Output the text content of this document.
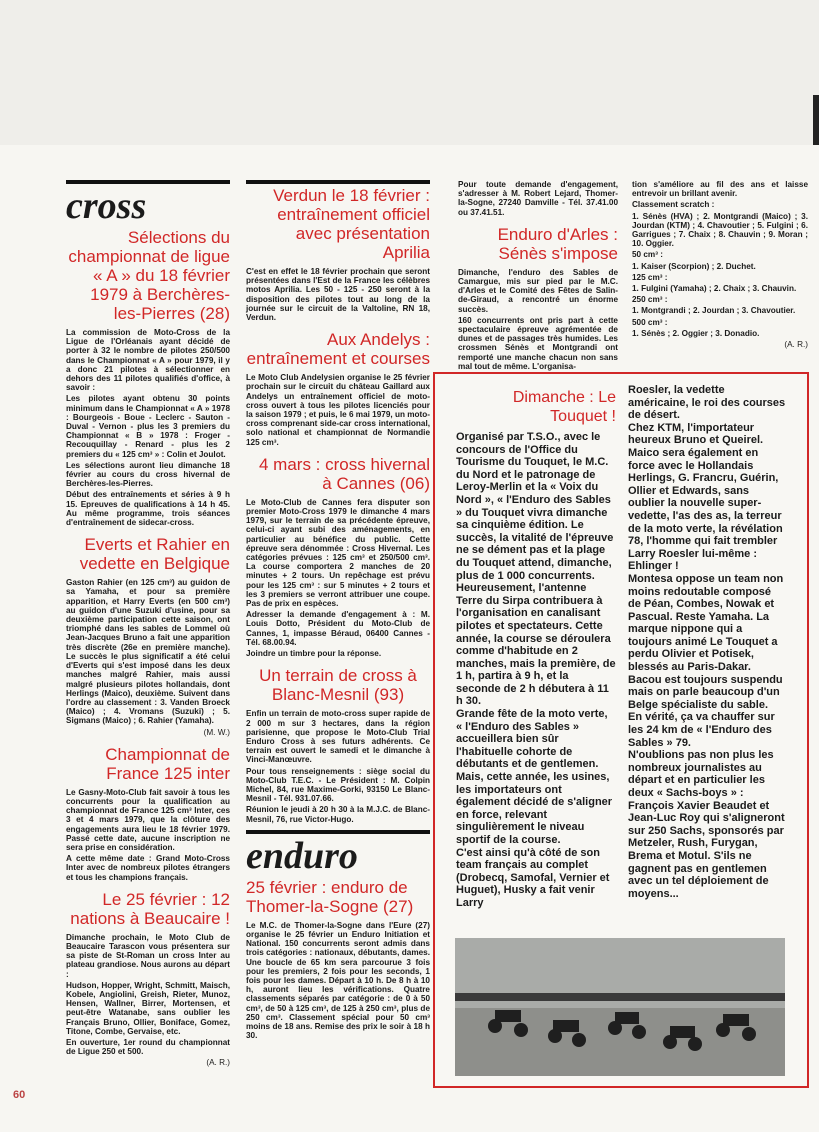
cross
Sélections du championnat de ligue « A » du 18 février 1979 à Berchères-les-Pierres (28)

La commission de Moto-Cross de la Ligue de l'Orléanais ayant décidé de porter à 32 le nombre de pilotes 250/500 dans le Championnat « A » pour 1979, il y a donc 21 pilotes à sélectionner en dehors des 11 pilotes qualifiés d'office, à savoir :

Les pilotes ayant obtenu 30 points minimum dans le Championnat « A » 1978 : Bourgeois - Boue - Leclerc - Sauton - Duval - Vernon - plus les 3 premiers du Championnat « B » 1978 : Froger - Recouquillay - Renard - plus les 2 premiers du « 125 cm³ » : Colin et Joulot.

Les sélections auront lieu dimanche 18 février au cours du cross hivernal de Berchères-les-Pierres.

Début des entraînements et séries à 9 h 15. Epreuves de qualifications à 14 h 45. Au même programme, trois séances d'entraînement de sidecar-cross.

Everts et Rahier en vedette en Belgique

Gaston Rahier (en 125 cm³) au guidon de sa Yamaha, et pour sa première apparition, et Harry Everts (en 500 cm³) au guidon d'une Suzuki d'usine, pour sa deuxième participation cette saison, ont triomphé dans les sables de Lommel où Jean-Jacques Bruno a fait une apparition très discrète (26e en première manche). Le succès le plus significatif a été celui d'Everts qui s'est imposé dans les deux manches malgré Rahier, mais aussi malgré plusieurs pilotes hollandais, dont Herlings (Maico), deuxième. Suivent dans l'ordre au classement : 3. Vanden Broeck (Maico) ; 4. Vromans (Suzuki) ; 5. Sigmans (Maico) ; 6. Rahier (Yamaha).

(M. W.)
Championnat de France 125 inter

Le Gasny-Moto-Club fait savoir à tous les concurrents pour la qualification au championnat de France 125 cm³ Inter, ces 3 et 4 mars 1979, que la clôture des engagements aura lieu le 18 février 1979. Passé cette date, aucune inscription ne sera prise en considération.

A cette même date : Grand Moto-Cross Inter avec de nombreux pilotes étrangers et tous les champions français.

Le 25 février : 12 nations à Beaucaire !

Dimanche prochain, le Moto Club de Beaucaire Tarascon vous présentera sur sa piste de St-Roman un cross Inter au plateau grandiose. Nous aurons au départ :

Hudson, Hopper, Wright, Schmitt, Maisch, Kobele, Angiolini, Greish, Rieter, Munoz, Hensen, Wallner, Birrer, Mortensen, et peut-être Watanabe, sans oublier les Français Bruno, Ollier, Boniface, Gomez, Titone, Combe, Gervaise, etc.

En ouverture, 1er round du championnat de Ligue 250 et 500.

(A. R.)
Verdun le 18 février : entraînement officiel avec présentation Aprilia

C'est en effet le 18 février prochain que seront présentées dans l'Est de la France les célèbres motos Aprilia. Les 50 - 125 - 250 seront à la disposition des pilotes tout au long de la journée sur le circuit de la Valtoline, RN 18, Verdun.

Aux Andelys : entraînement et courses

Le Moto Club Andelysien organise le 25 février prochain sur le circuit du château Gaillard aux Andelys un entraînement officiel de moto-cross ouvert à tous les pilotes licenciés pour la saison 1979 ; et puis, le 6 mai 1979, un moto-cross comprenant side-car cross international, solo national et championnat de Normandie 125 cm³.

4 mars : cross hivernal à Cannes (06)

Le Moto-Club de Cannes fera disputer son premier Moto-Cross 1979 le dimanche 4 mars 1979, sur le terrain de sa précédente épreuve, celui-ci ayant subi des aménagements, en particulier au bénéfice du public. Cette épreuve sera dénommée : Cross Hivernal. Les catégories prévues : 125 cm³ et 250/500 cm³. La course comportera 2 manches de 20 minutes + 2 tours. Un repêchage est prévu pour les 125 cm³ : sur 5 minutes + 2 tours et les 3 premiers se verront attribuer une coupe. Pas de prix en espèces.

Adresser la demande d'engagement à : M. Louis Dotto, Président du Moto-Club de Cannes, 1, impasse Béraud, 06400 Cannes - Tél. 68.00.94.

Joindre un timbre pour la réponse.

Un terrain de cross à Blanc-Mesnil (93)

Enfin un terrain de moto-cross super rapide de 2 000 m sur 3 hectares, dans la région parisienne, que propose le Moto-Club Trial Enduro Cross à ses futurs adhérents. Ce terrain est ouvert le samedi et le dimanche à Vinci-Manœuvre.

Pour tous renseignements : siège social du Moto-Club T.E.C. - Le Président : M. Colpin Michel, 84, rue Maxime-Gorki, 93150 Le Blanc-Mesnil - Tél. 931.07.66.

Réunion le jeudi à 20 h 30 à la M.J.C. de Blanc-Mesnil, 76, rue Victor-Hugo.

enduro
25 février : enduro de Thomer-la-Sogne (27)

Le M.C. de Thomer-la-Sogne dans l'Eure (27) organise le 25 février un Enduro Initiation et National. 150 concurrents seront admis dans trois catégories : nationaux, débutants, dames. Une boucle de 65 km sera parcourue 3 fois pour les premiers, 2 fois pour les seconds, 1 fois pour les dames. Départ à 10 h. De 8 h à 10 h, auront lieu les vérifications. Quatre classements séparés par catégorie : de 0 à 50 cm³, de 50 à 125 cm³, de 125 à 250 cm³, plus de 250 cm³. Classement spécial pour 50 cm³ moins de 18 ans. Remise des prix le soir à 18 h 30.

Pour toute demande d'engagement, s'adresser à M. Robert Lejard, Thomer-la-Sogne, 27240 Damville - Tél. 37.41.00 ou 37.41.51.

Enduro d'Arles : Sénès s'impose

Dimanche, l'enduro des Sables de Camargue, mis sur pied par le M.C. d'Arles et le Comité des Fêtes de Salin-de-Giraud, a rencontré un énorme succès.

160 concurrents ont pris part à cette spectaculaire épreuve agrémentée de dunes et de passages très humides. Les crossmen Sénès et Montgrandi ont remporté une manche chacun non sans mal tout de même. L'organisa-

tion s'améliore au fil des ans et laisse entrevoir un brillant avenir.

Classement scratch :

1. Sénès (HVA) ; 2. Montgrandi (Maico) ; 3. Jourdan (KTM) ; 4. Chavoutier ; 5. Fulgini ; 6. Garrigues ; 7. Chaix ; 8. Chauvin ; 9. Moran ; 10. Oggier.

50 cm³ :

1. Kaiser (Scorpion) ; 2. Duchet.

125 cm³ :

1. Fulgini (Yamaha) ; 2. Chaix ; 3. Chauvin.

250 cm³ :

1. Montgrandi ; 2. Jourdan ; 3. Chavoutier.

500 cm³ :

1. Sénès ; 2. Oggier ; 3. Donadio.

(A. R.)
Dimanche : Le Touquet !
Organisé par T.S.O., avec le concours de l'Office du Tourisme du Touquet, le M.C. du Nord et le patronage de Leroy-Merlin et la « Voix du Nord », « l'Enduro des Sables » du Touquet vivra dimanche sa cinquième édition. Le succès, la vitalité de l'épreuve ne se dément pas et la plage du Touquet attend, dimanche, plus de 1 000 concurrents. Heureusement, l'antenne Terre du Sirpa contribuera à l'organisation en canalisant pilotes et spectateurs. Cette année, la course se déroulera comme d'habitude en 2 manches, mais la première, de 1 h, partira à 9 h, et la seconde de 2 h débutera à 11 h 30.
Grande fête de la moto verte, « l'Enduro des Sables » accueillera bien sûr l'habituelle cohorte de débutants et de gentlemen. Mais, cette année, les usines, les importateurs ont également décidé de s'aligner en force, relevant singulièrement le niveau sportif de la course.
C'est ainsi qu'à côté de son team français au complet (Drobecq, Samofal, Vernier et Huguet), Husky a fait venir Larry
Roesler, la vedette américaine, le roi des courses de désert.
Chez KTM, l'importateur heureux Bruno et Queirel. Maico sera également en force avec le Hollandais Herlings, G. Francru, Guérin, Ollier et Edwards, sans oublier la nouvelle super-vedette, l'as des as, la terreur de la moto verte, la révélation 78, l'homme qui fait trembler Larry Roesler lui-même : Ehlinger !
Montesa oppose un team non moins redoutable composé de Péan, Combes, Nowak et Pascual. Reste Yamaha. La marque nippone qui a toujours animé Le Touquet a perdu Olivier et Potisek, blessés au Paris-Dakar. Bacou est toujours suspendu mais on parle beaucoup d'un Belge spécialiste du sable.
En vérité, ça va chauffer sur les 24 km de « l'Enduro des Sables » 79.
N'oublions pas non plus les nombreux journalistes au départ et en particulier les deux « Sachs-boys » : François Xavier Beaudet et Jean-Luc Roy qui s'aligneront sur 250 Sachs, sponsorés par Metzeler, Rush, Furygan, Brema et Motul. S'ils ne gagnent pas en gentlemen avec un tel déploiement de moyens...
60
